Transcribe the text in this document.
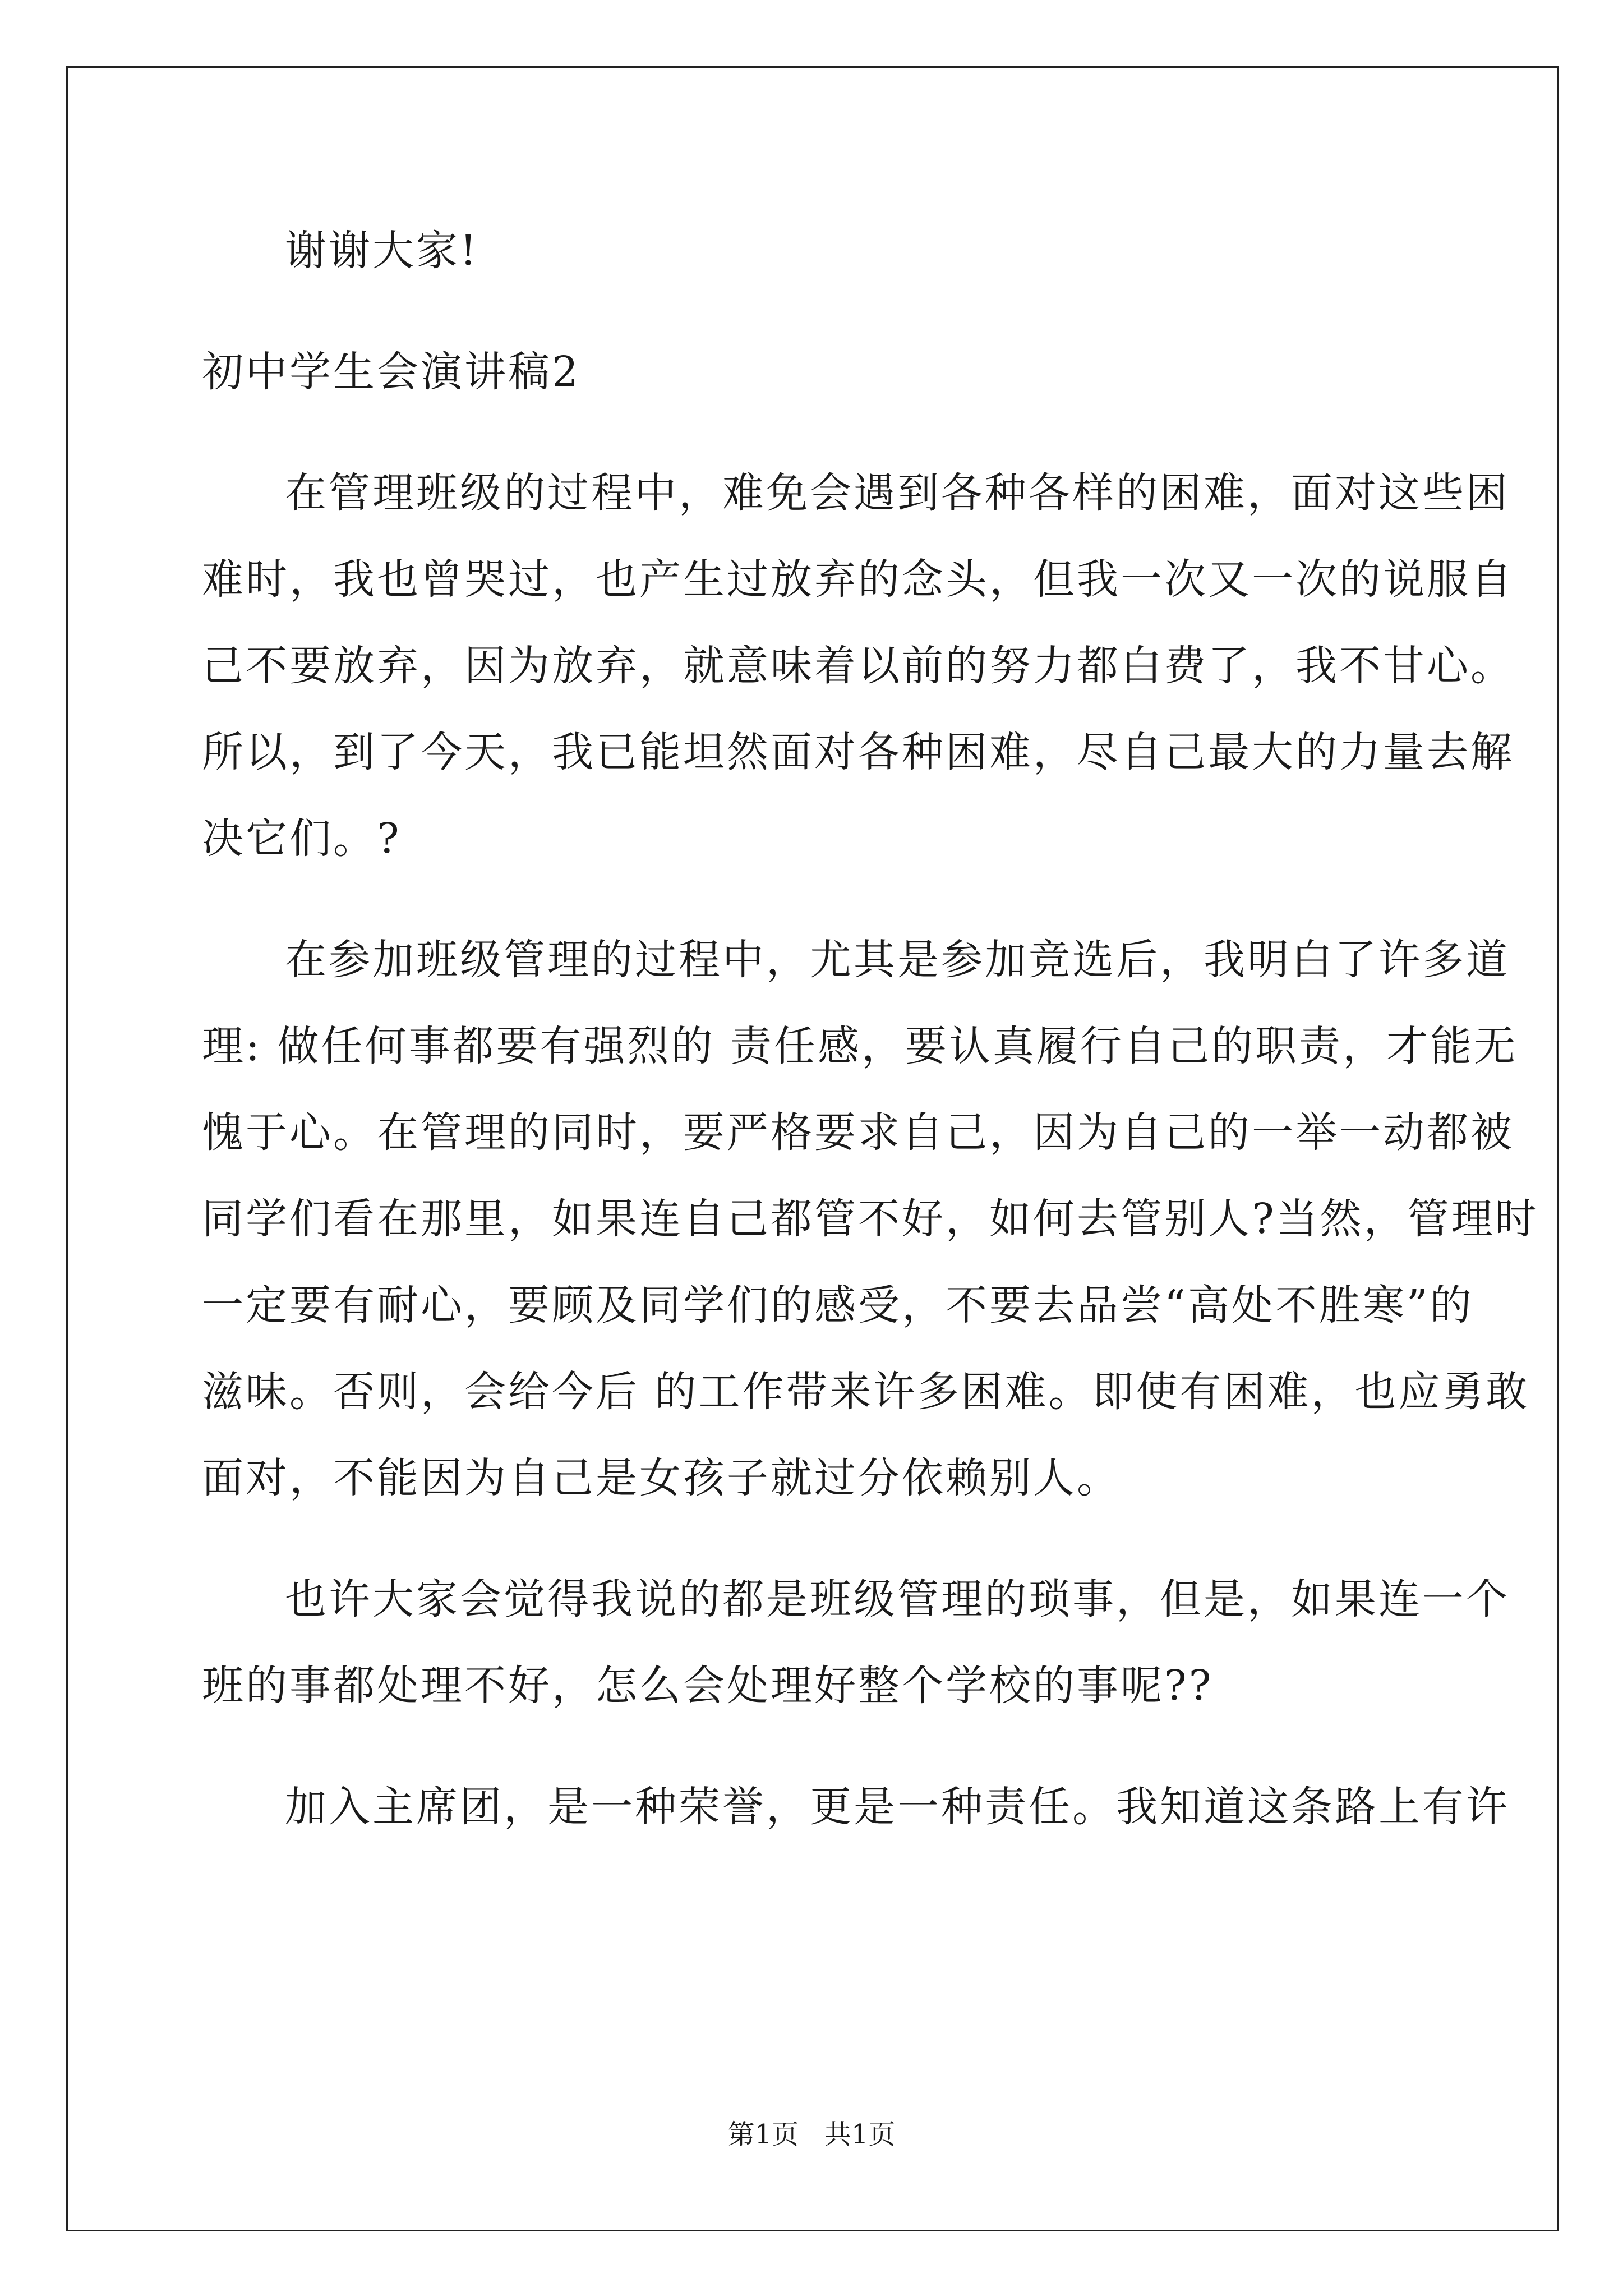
谢谢大家!
初中学生会演讲稿2
在管理班级的过程中，难免会遇到各种各样的困难，面对这些困
难时，我也曾哭过，也产生过放弃的念头，但我一次又一次的说服自
己不要放弃，因为放弃，就意味着以前的努力都白费了，我不甘心。
所以，到了今天，我已能坦然面对各种困难，尽自己最大的力量去解
决它们。?
在参加班级管理的过程中，尤其是参加竞选后，我明白了许多道
理: 做任何事都要有强烈的 责任感，要认真履行自己的职责，才能无
愧于心。在管理的同时，要严格要求自己，因为自己的一举一动都被
同学们看在那里，如果连自己都管不好，如何去管别人?当然，管理时
一定要有耐心，要顾及同学们的感受，不要去品尝“高处不胜寒”的
滋味。否则，会给今后 的工作带来许多困难。即使有困难，也应勇敢
面对，不能因为自己是女孩子就过分依赖别人。
也许大家会觉得我说的都是班级管理的琐事，但是，如果连一个
班的事都处理不好，怎么会处理好整个学校的事呢??
加入主席团，是一种荣誉，更是一种责任。我知道这条路上有许
第1页   共1页
